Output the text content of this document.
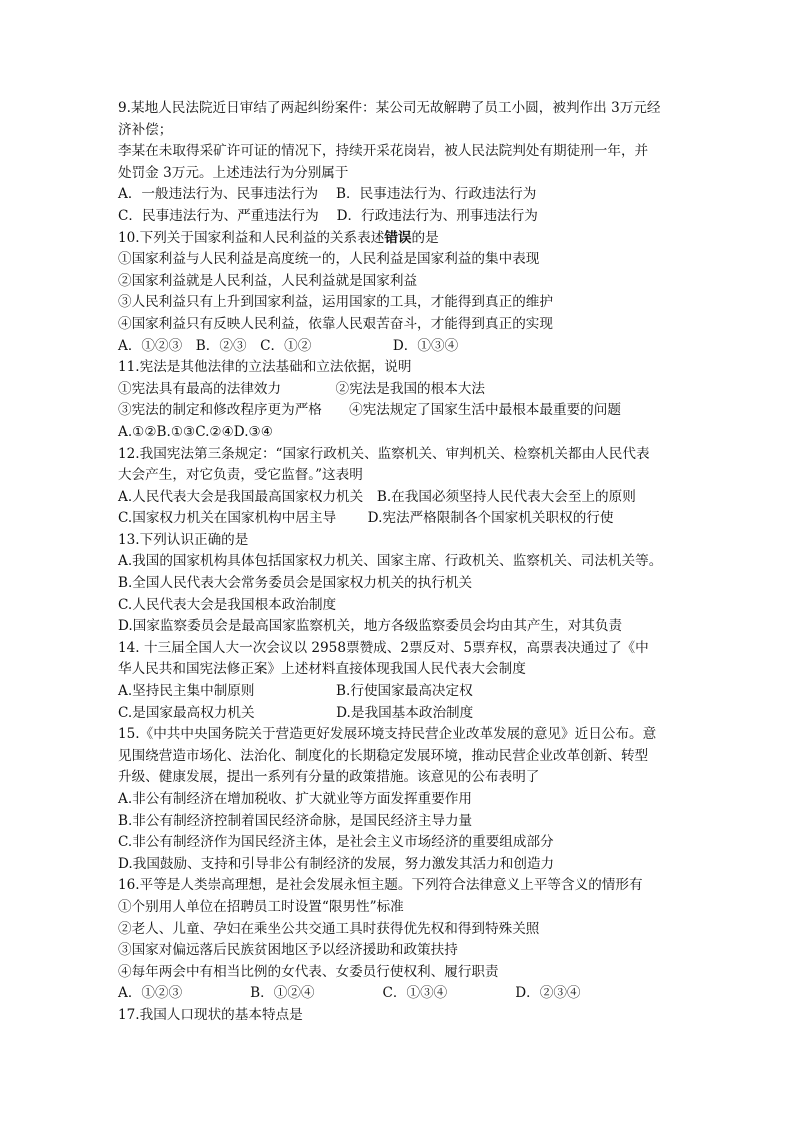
9.某地人民法院近日审结了两起纠纷案件：某公司无故解聘了员工小圆，被判作出 3万元经
济补偿；
李某在未取得采矿许可证的情况下，持续开采花岗岩，被人民法院判处有期徒刑一年，并
处罚金 3万元。上述违法行为分别属于
A．一般违法行为、民事违法行为　 B．民事违法行为、行政违法行为
C．民事违法行为、严重违法行为　 D．行政违法行为、刑事违法行为
10.下列关于国家利益和人民利益的关系表述错误的是
①国家利益与人民利益是高度统一的，人民利益是国家利益的集中表现
②国家利益就是人民利益，人民利益就是国家利益
③人民利益只有上升到国家利益，运用国家的工具，才能得到真正的维护
④国家利益只有反映人民利益，依靠人民艰苦奋斗，才能得到真正的实现
A．①②③　B．②③　C．①②　　　　　　D．①③④
11.宪法是其他法律的立法基础和立法依据，说明
①宪法具有最高的法律效力　　　　②宪法是我国的根本大法
③宪法的制定和修改程序更为严格　　④宪法规定了国家生活中最根本最重要的问题
A.①②B.①③C.②④D.③④
12.我国宪法第三条规定：“国家行政机关、监察机关、审判机关、检察机关都由人民代表
大会产生，对它负责，受它监督。”这表明
A.人民代表大会是我国最高国家权力机关　B.在我国必须坚持人民代表大会至上的原则
C.国家权力机关在国家机构中居主导　　 D.宪法严格限制各个国家机关职权的行使
13.下列认识正确的是
A.我国的国家机构具体包括国家权力机关、国家主席、行政机关、监察机关、司法机关等。
B.全国人民代表大会常务委员会是国家权力机关的执行机关
C.人民代表大会是我国根本政治制度
D.国家监察委员会是最高国家监察机关，地方各级监察委员会均由其产生，对其负责
14. 十三届全国人大一次会议以 2958票赞成、2票反对、5票弃权，高票表决通过了《中
华人民共和国宪法修正案》上述材料直接体现我国人民代表大会制度
A.坚持民主集中制原则　　　　　　B.行使国家最高决定权
C.是国家最高权力机关　　　　　　D.是我国基本政治制度
15.《中共中央国务院关于营造更好发展环境支持民营企业改革发展的意见》近日公布。意
见围绕营造市场化、法治化、制度化的长期稳定发展环境，推动民营企业改革创新、转型
升级、健康发展，提出一系列有分量的政策措施。该意见的公布表明了
A.非公有制经济在增加税收、扩大就业等方面发挥重要作用
B.非公有制经济控制着国民经济命脉，是国民经济主导力量
C.非公有制经济作为国民经济主体，是社会主义市场经济的重要组成部分
D.我国鼓励、支持和引导非公有制经济的发展，努力激发其活力和创造力
16.平等是人类崇高理想，是社会发展永恒主题。下列符合法律意义上平等含义的情形有
①个别用人单位在招聘员工时设置“限男性”标准
②老人、儿童、孕妇在乘坐公共交通工具时获得优先权和得到特殊关照
③国家对偏远落后民族贫困地区予以经济援助和政策扶持
④每年两会中有相当比例的女代表、女委员行使权利、履行职责
A．①②③　　　　　B．①②④　　　　　C．①③④　　　　　D．②③④
17.我国人口现状的基本特点是
